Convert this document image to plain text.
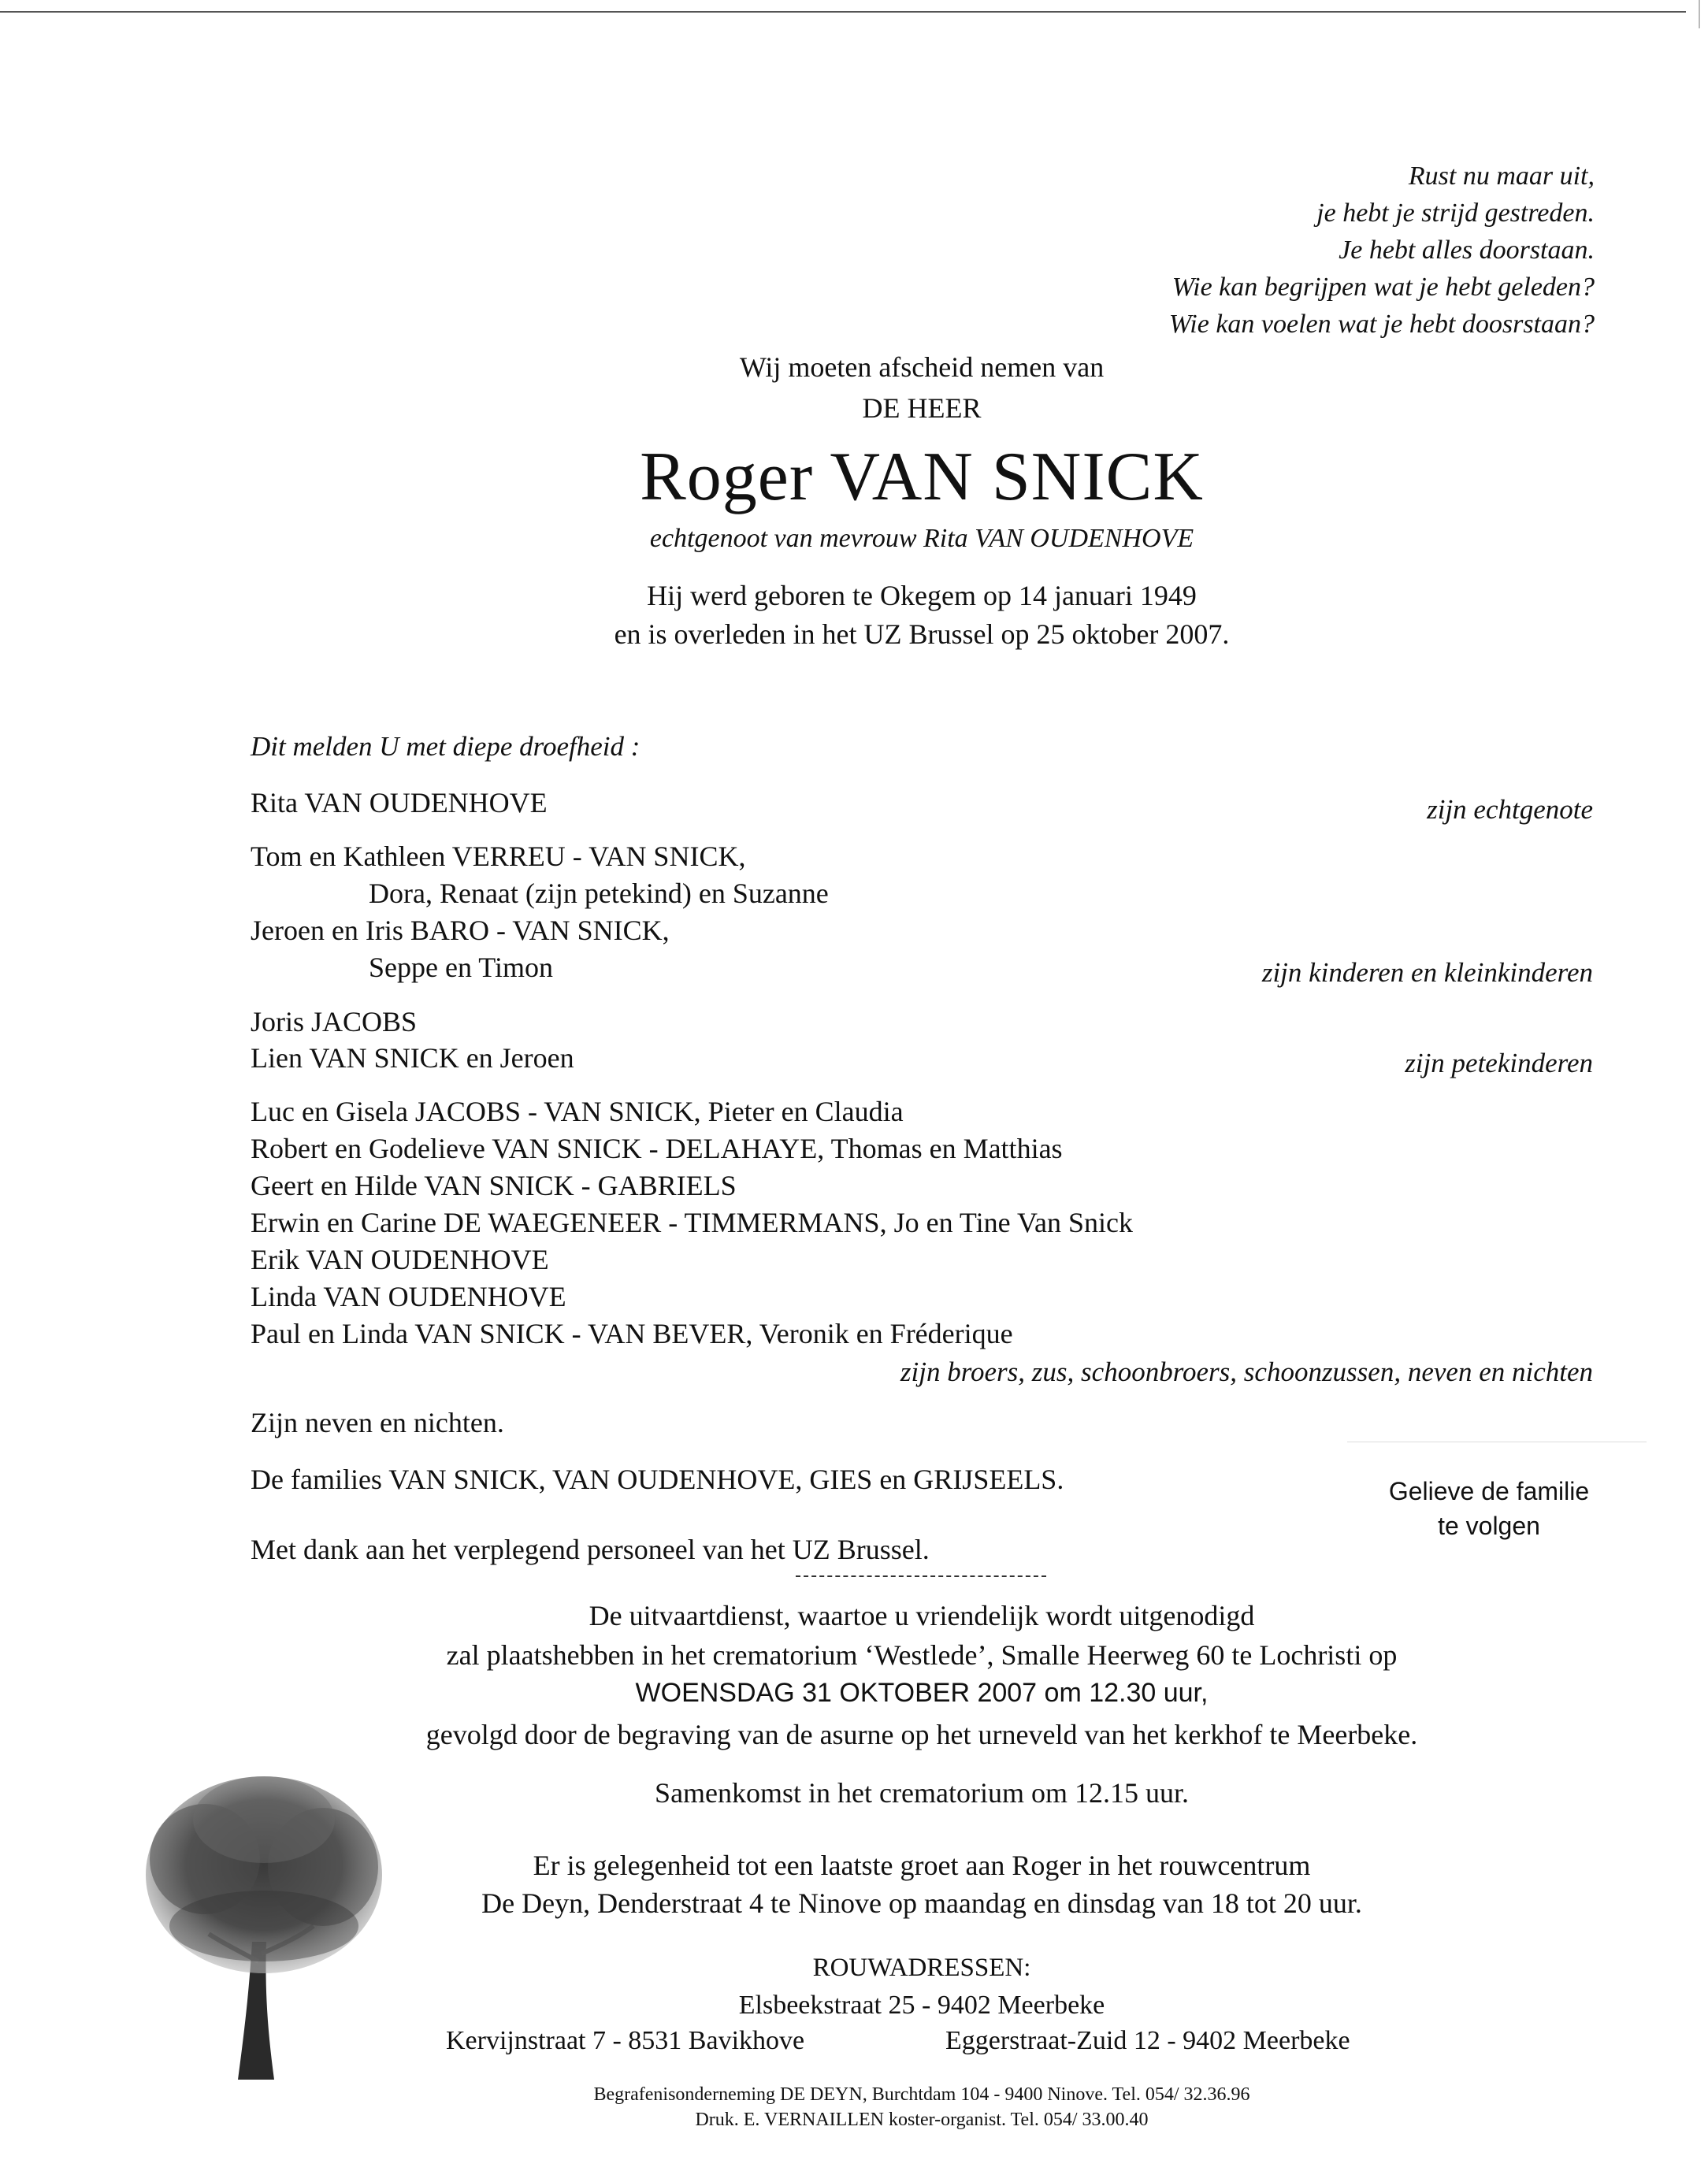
Rust nu maar uit,
je hebt je strijd gestreden.
Je hebt alles doorstaan.
Wie kan begrijpen wat je hebt geleden?
Wie kan voelen wat je hebt doosrstaan?
Wij moeten afscheid nemen van
DE HEER
Roger VAN SNICK
echtgenoot van mevrouw Rita VAN OUDENHOVE
Hij werd geboren te Okegem op 14 januari 1949
en is overleden in het UZ Brussel op 25 oktober 2007.
Dit melden U met diepe droefheid :
Rita VAN OUDENHOVE	zijn echtgenote
Tom en Kathleen VERREU - VAN SNICK,
Dora, Renaat (zijn petekind) en Suzanne
Jeroen en Iris BARO - VAN SNICK,
Seppe en Timon	zijn kinderen en kleinkinderen
Joris JACOBS
Lien VAN SNICK en Jeroen	zijn petekinderen
Luc en Gisela JACOBS - VAN SNICK, Pieter en Claudia
Robert en Godelieve VAN SNICK - DELAHAYE, Thomas en Matthias
Geert en Hilde VAN SNICK - GABRIELS
Erwin en Carine DE WAEGENEER - TIMMERMANS, Jo en Tine Van Snick
Erik VAN OUDENHOVE
Linda VAN OUDENHOVE
Paul en Linda VAN SNICK - VAN BEVER, Veronik en Fréderique
zijn broers, zus, schoonbroers, schoonzussen, neven en nichten
Zijn neven en nichten.
De families VAN SNICK, VAN OUDENHOVE, GIES en GRIJSEELS.
Met dank aan het verplegend personeel van het UZ Brussel.
Gelieve de familie
te volgen
De uitvaartdienst, waartoe u vriendelijk wordt uitgenodigd
zal plaatshebben in het crematorium ‘Westlede’, Smalle Heerweg 60 te Lochristi op
WOENSDAG 31 OKTOBER 2007 om 12.30 uur,
gevolgd door de begraving van de asurne op het urneveld van het kerkhof te Meerbeke.
Samenkomst in het crematorium om 12.15 uur.
Er is gelegenheid tot een laatste groet aan Roger in het rouwcentrum
De Deyn, Denderstraat 4 te Ninove op maandag en dinsdag van 18 tot 20 uur.
ROUWADRESSEN:
Elsbeekstraat 25 - 9402 Meerbeke
Kervijnstraat 7 - 8531 Bavikhove	Eggerstraat-Zuid 12 - 9402 Meerbeke
Begrafenisonderneming DE DEYN, Burchtdam 104 - 9400 Ninove. Tel. 054/ 32.36.96
Druk. E. VERNAILLEN koster-organist. Tel. 054/ 33.00.40
